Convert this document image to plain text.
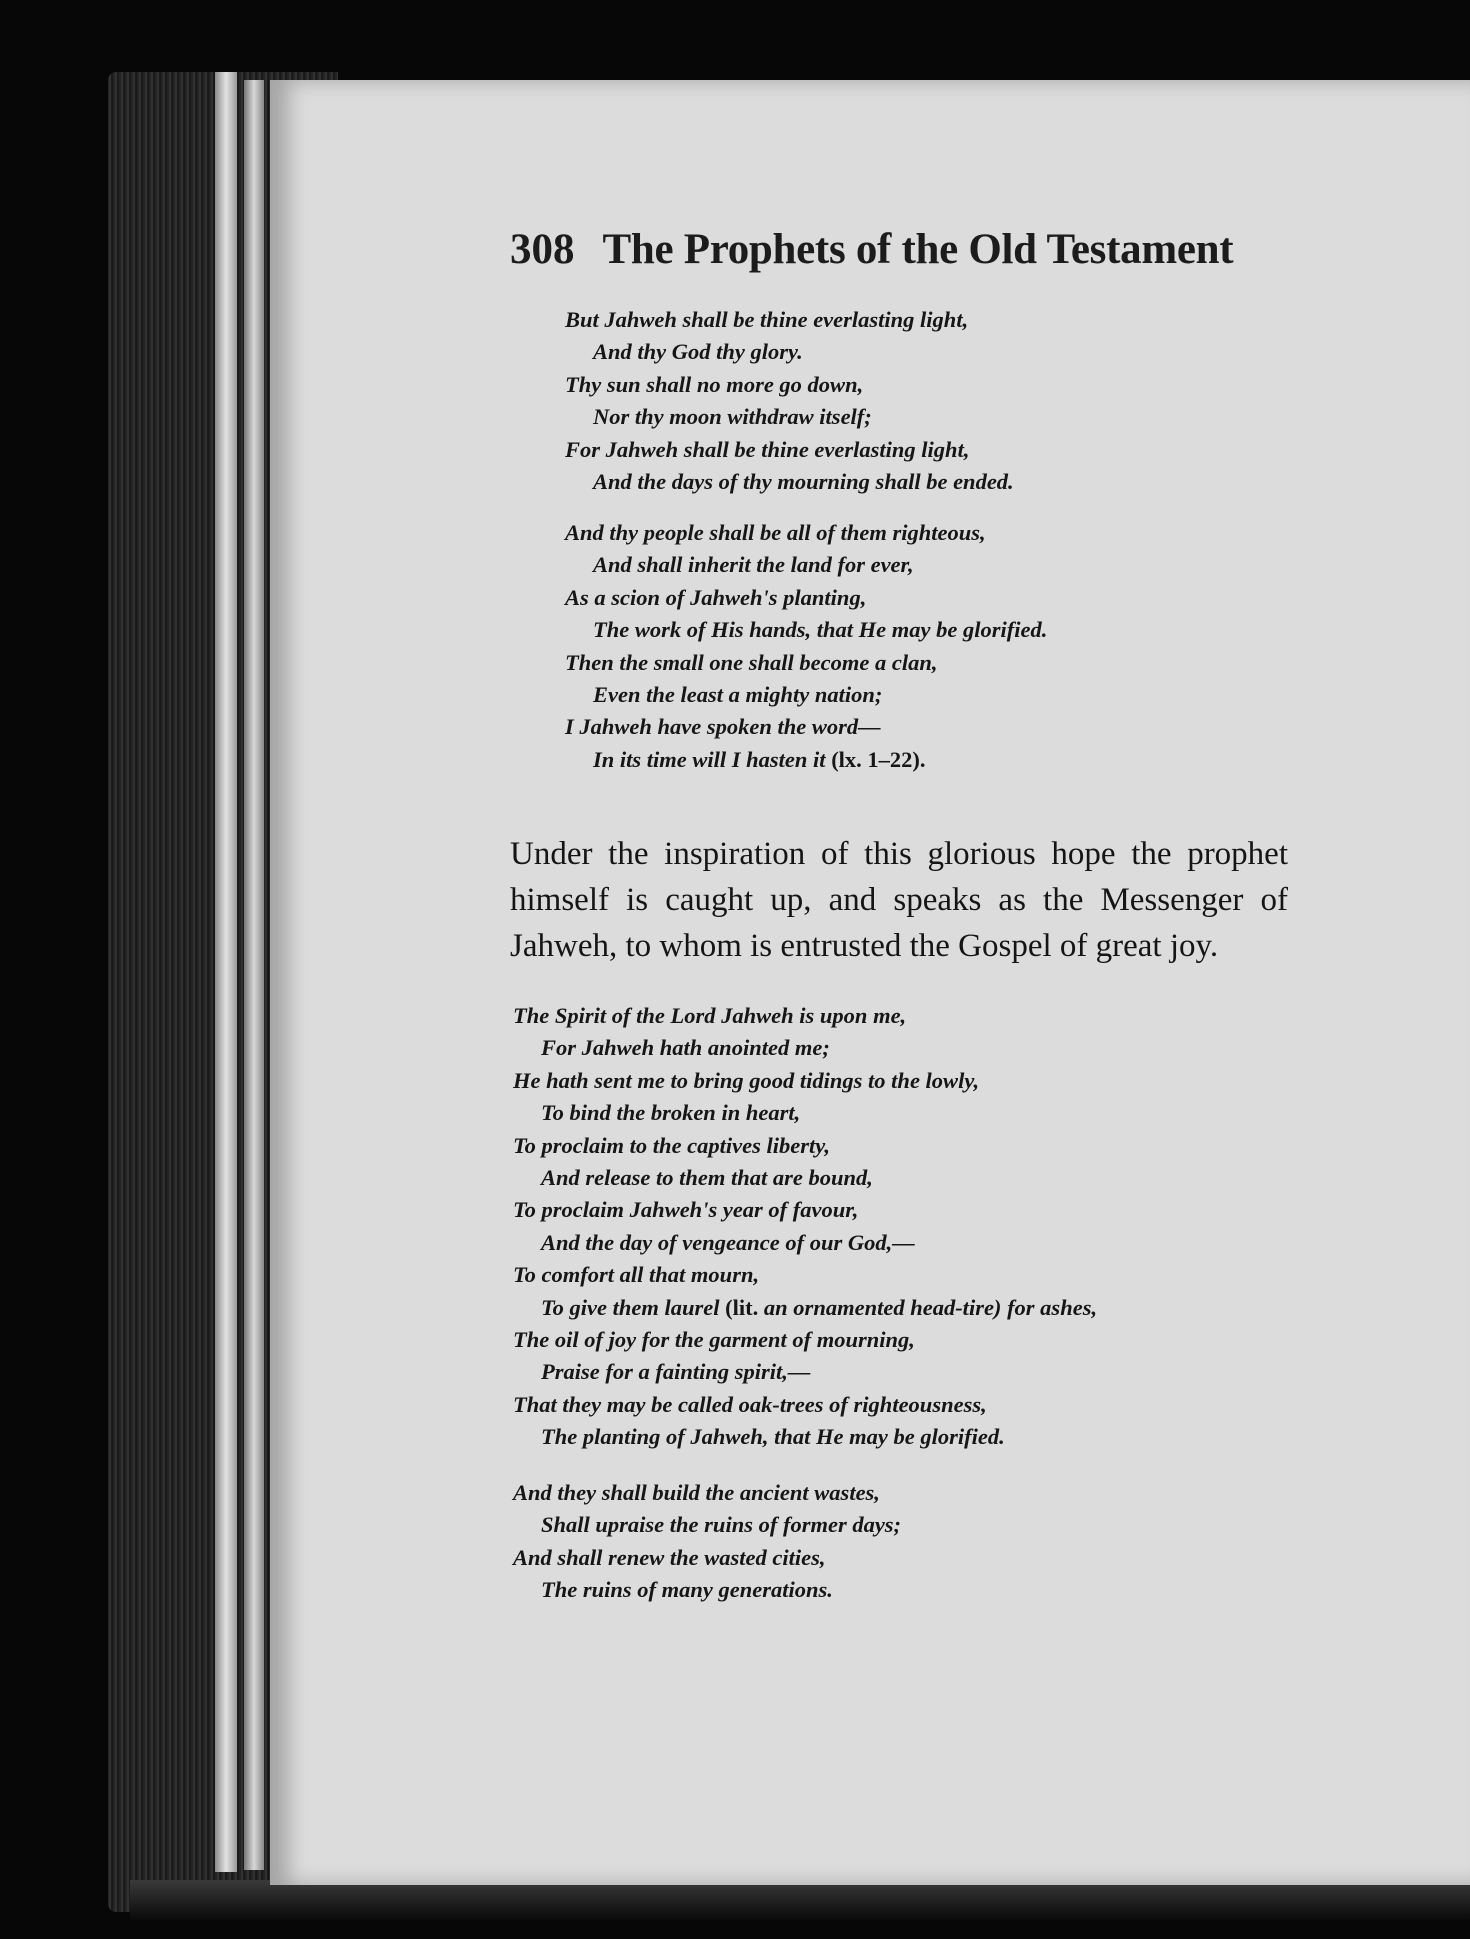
308 The Prophets of the Old Testament
But Jahweh shall be thine everlasting light,
And thy God thy glory.
Thy sun shall no more go down,
Nor thy moon withdraw itself;
For Jahweh shall be thine everlasting light,
And the days of thy mourning shall be ended.
And thy people shall be all of them righteous,
And shall inherit the land for ever,
As a scion of Jahweh's planting,
The work of His hands, that He may be glorified.
Then the small one shall become a clan,
Even the least a mighty nation;
I Jahweh have spoken the word—
In its time will I hasten it (lx. 1–22).

Under the inspiration of this glorious hope the prophet himself is caught up, and speaks as the Messenger of Jahweh, to whom is entrusted the Gospel of great joy.

The Spirit of the Lord Jahweh is upon me,
For Jahweh hath anointed me;
He hath sent me to bring good tidings to the lowly,
To bind the broken in heart,
To proclaim to the captives liberty,
And release to them that are bound,
To proclaim Jahweh's year of favour,
And the day of vengeance of our God,—
To comfort all that mourn,
To give them laurel (lit. an ornamented head-tire) for ashes,
The oil of joy for the garment of mourning,
Praise for a fainting spirit,—
That they may be called oak-trees of righteousness,
The planting of Jahweh, that He may be glorified.
And they shall build the ancient wastes,
Shall upraise the ruins of former days;
And shall renew the wasted cities,
The ruins of many generations.
